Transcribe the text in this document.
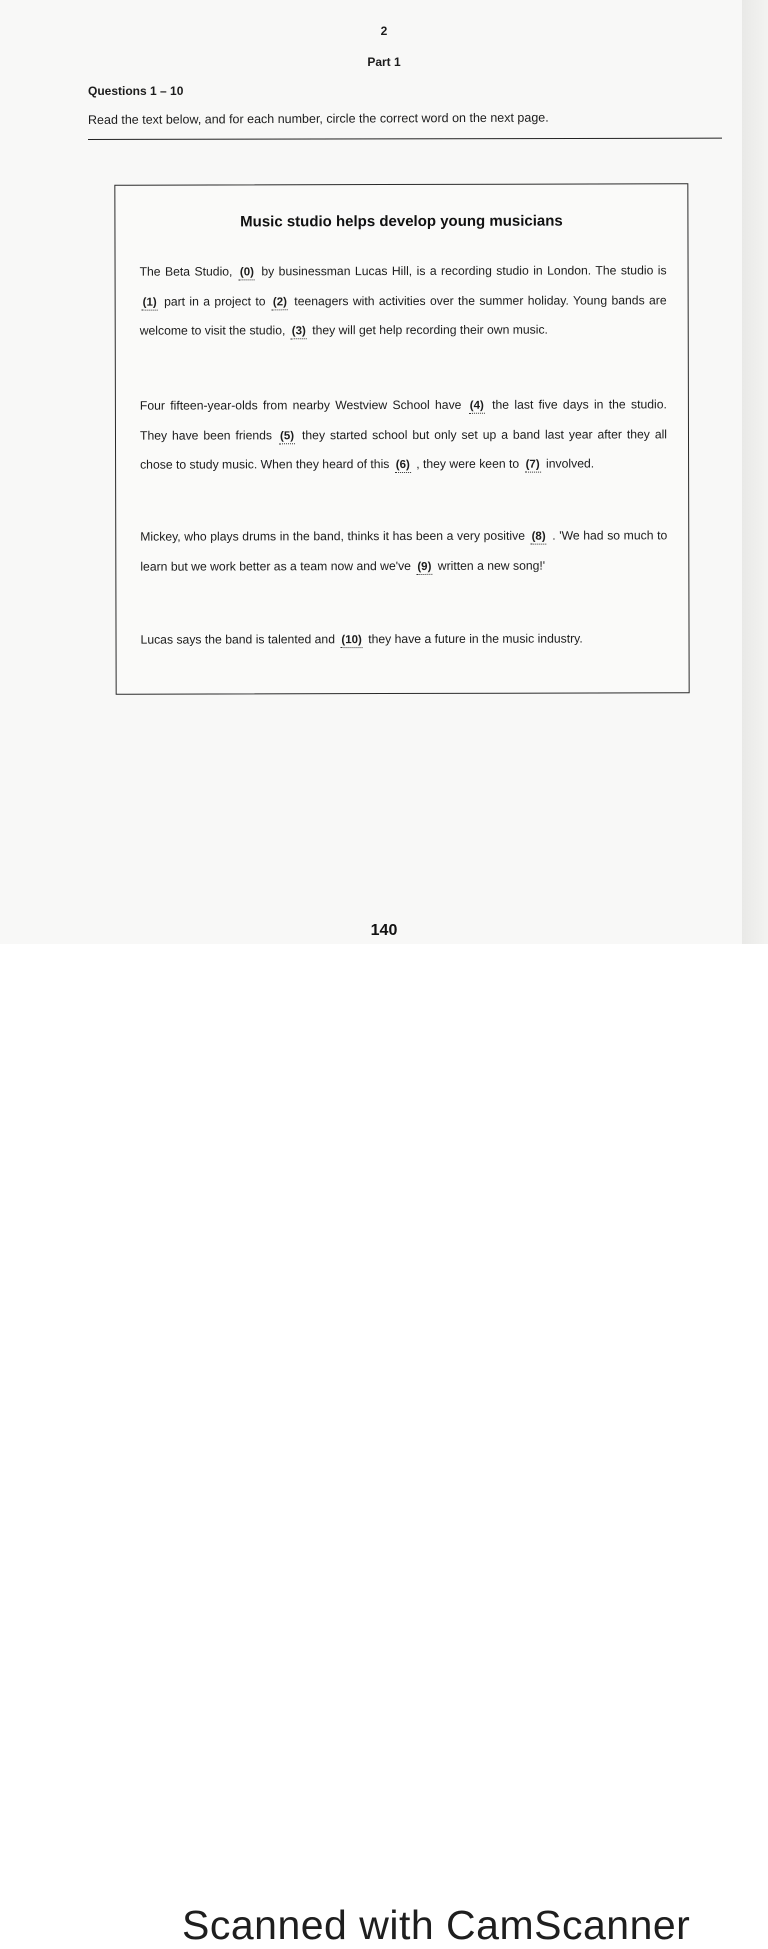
2
Part 1
Questions 1 – 10
Read the text below, and for each number, circle the correct word on the next page.
Music studio helps develop young musicians
The Beta Studio, (0) by businessman Lucas Hill, is a recording studio in London. The studio is (1) part in a project to (2) teenagers with activities over the summer holiday. Young bands are welcome to visit the studio, (3) they will get help recording their own music.
Four fifteen-year-olds from nearby Westview School have (4) the last five days in the studio. They have been friends (5) they started school but only set up a band last year after they all chose to study music. When they heard of this (6) , they were keen to (7) involved.
Mickey, who plays drums in the band, thinks it has been a very positive (8) . 'We had so much to learn but we work better as a team now and we've (9) written a new song!'
Lucas says the band is talented and (10) they have a future in the music industry.
140
Scanned with CamScanner
